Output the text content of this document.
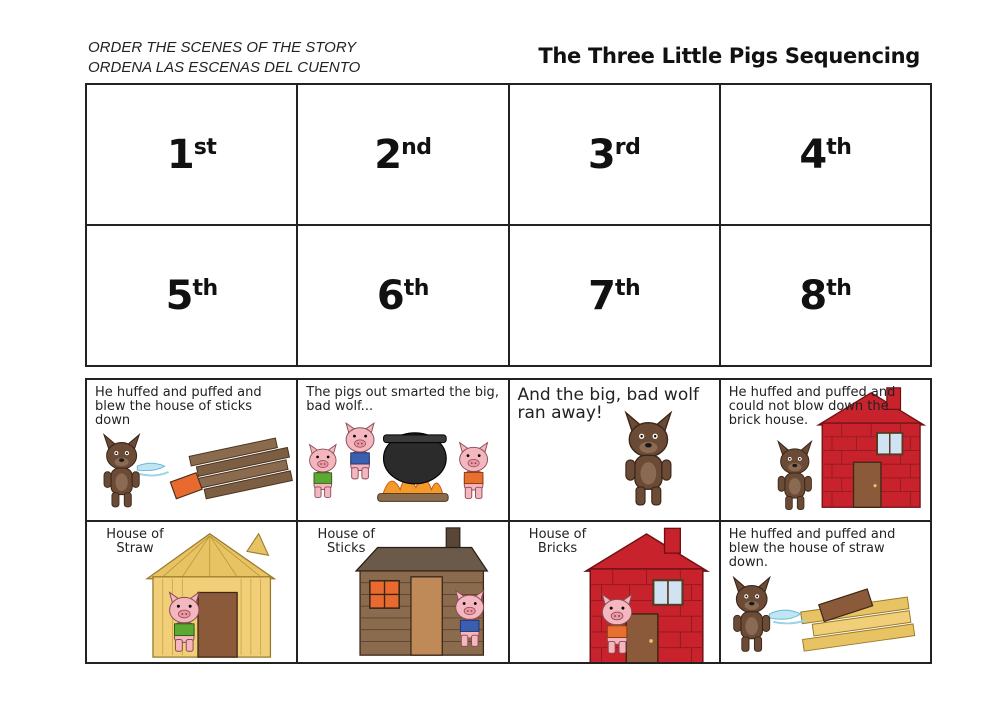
ORDER THE SCENES OF THE STORY
ORDENA LAS ESCENAS DEL CUENTO	The Three Little Pigs Sequencing
1st	2nd	3rd	4th
5th	6th	7th	8th
He huffed and puffed and blew the house of sticks down
The pigs out smarted the big, bad wolf...
And the big, bad wolf ran away!
He huffed and puffed and could not blow down the brick house.
House of Straw
House of Sticks
House of Bricks
He huffed and puffed and blew the house of straw down.
